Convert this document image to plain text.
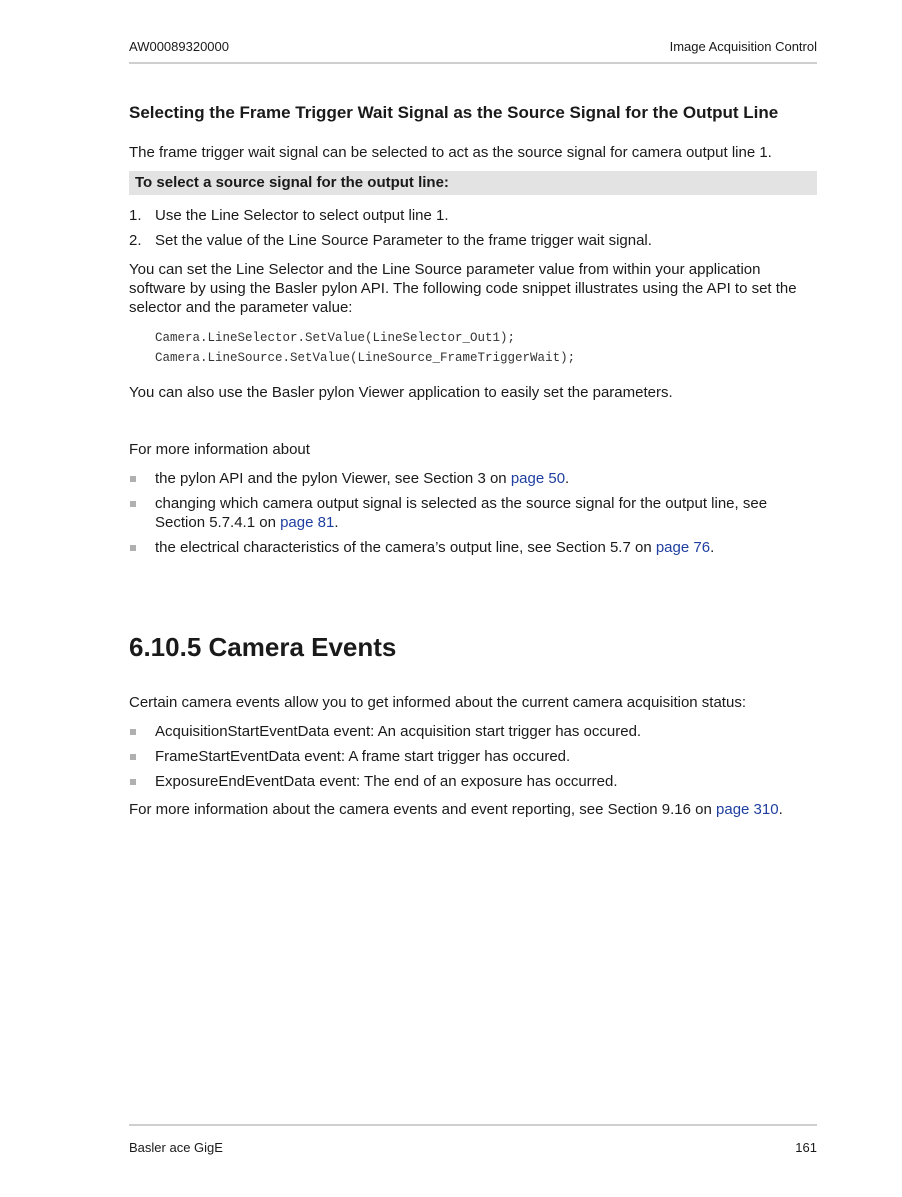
AW00089320000	Image Acquisition Control
Selecting the Frame Trigger Wait Signal as the Source Signal for the Output Line
The frame trigger wait signal can be selected to act as the source signal for camera output line 1.
To select a source signal for the output line:
1. Use the Line Selector to select output line 1.
2. Set the value of the Line Source Parameter to the frame trigger wait signal.
You can set the Line Selector and the Line Source parameter value from within your application software by using the Basler pylon API. The following code snippet illustrates using the API to set the selector and the parameter value:
Camera.LineSelector.SetValue(LineSelector_Out1);
Camera.LineSource.SetValue(LineSource_FrameTriggerWait);
You can also use the Basler pylon Viewer application to easily set the parameters.
For more information about
the pylon API and the pylon Viewer, see Section 3 on page 50.
changing which camera output signal is selected as the source signal for the output line, see Section 5.7.4.1 on page 81.
the electrical characteristics of the camera’s output line, see Section 5.7 on page 76.
6.10.5 Camera Events
Certain camera events allow you to get informed about the current camera acquisition status:
AcquisitionStartEventData event: An acquisition start trigger has occured.
FrameStartEventData event: A frame start trigger has occured.
ExposureEndEventData event: The end of an exposure has occurred.
For more information about the camera events and event reporting, see Section 9.16 on page 310.
Basler ace GigE	161
